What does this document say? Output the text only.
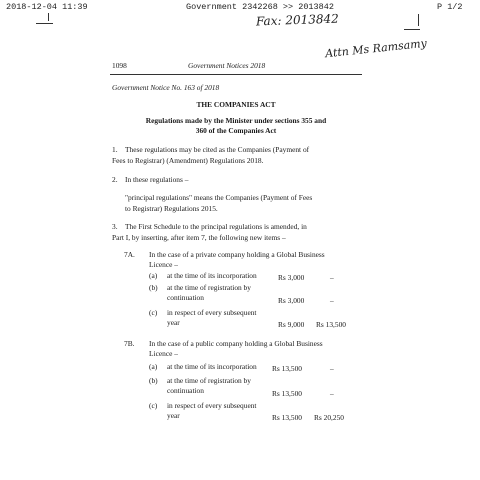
2018-12-04 11:39	Government 2342268 >> 2013842	P 1/2
Fax: 2013842
Attn Ms Ramsamy
1098	Government Notices 2018
Government Notice No. 163 of 2018
THE COMPANIES ACT
Regulations made by the Minister under sections 355 and
360 of the Companies Act
1. These regulations may be cited as the Companies (Payment of
Fees to Registrar) (Amendment) Regulations 2018.
2. In these regulations –
"principal regulations" means the Companies (Payment of Fees
to Registrar) Regulations 2015.
3. The First Schedule to the principal regulations is amended, in
Part I, by inserting, after item 7, the following new items –
7A. In the case of a private company holding a Global Business
Licence –
(a) at the time of its incorporation	Rs 3,000	–
(b) at the time of registration by
continuation	Rs 3,000	–
(c) in respect of every subsequent
year	Rs 9,000 Rs 13,500
7B. In the case of a public company holding a Global Business
Licence –
(a) at the time of its incorporation Rs 13,500	–
(b) at the time of registration by
continuation	Rs 13,500	–
(c) in respect of every subsequent
year	Rs 13,500 Rs 20,250
